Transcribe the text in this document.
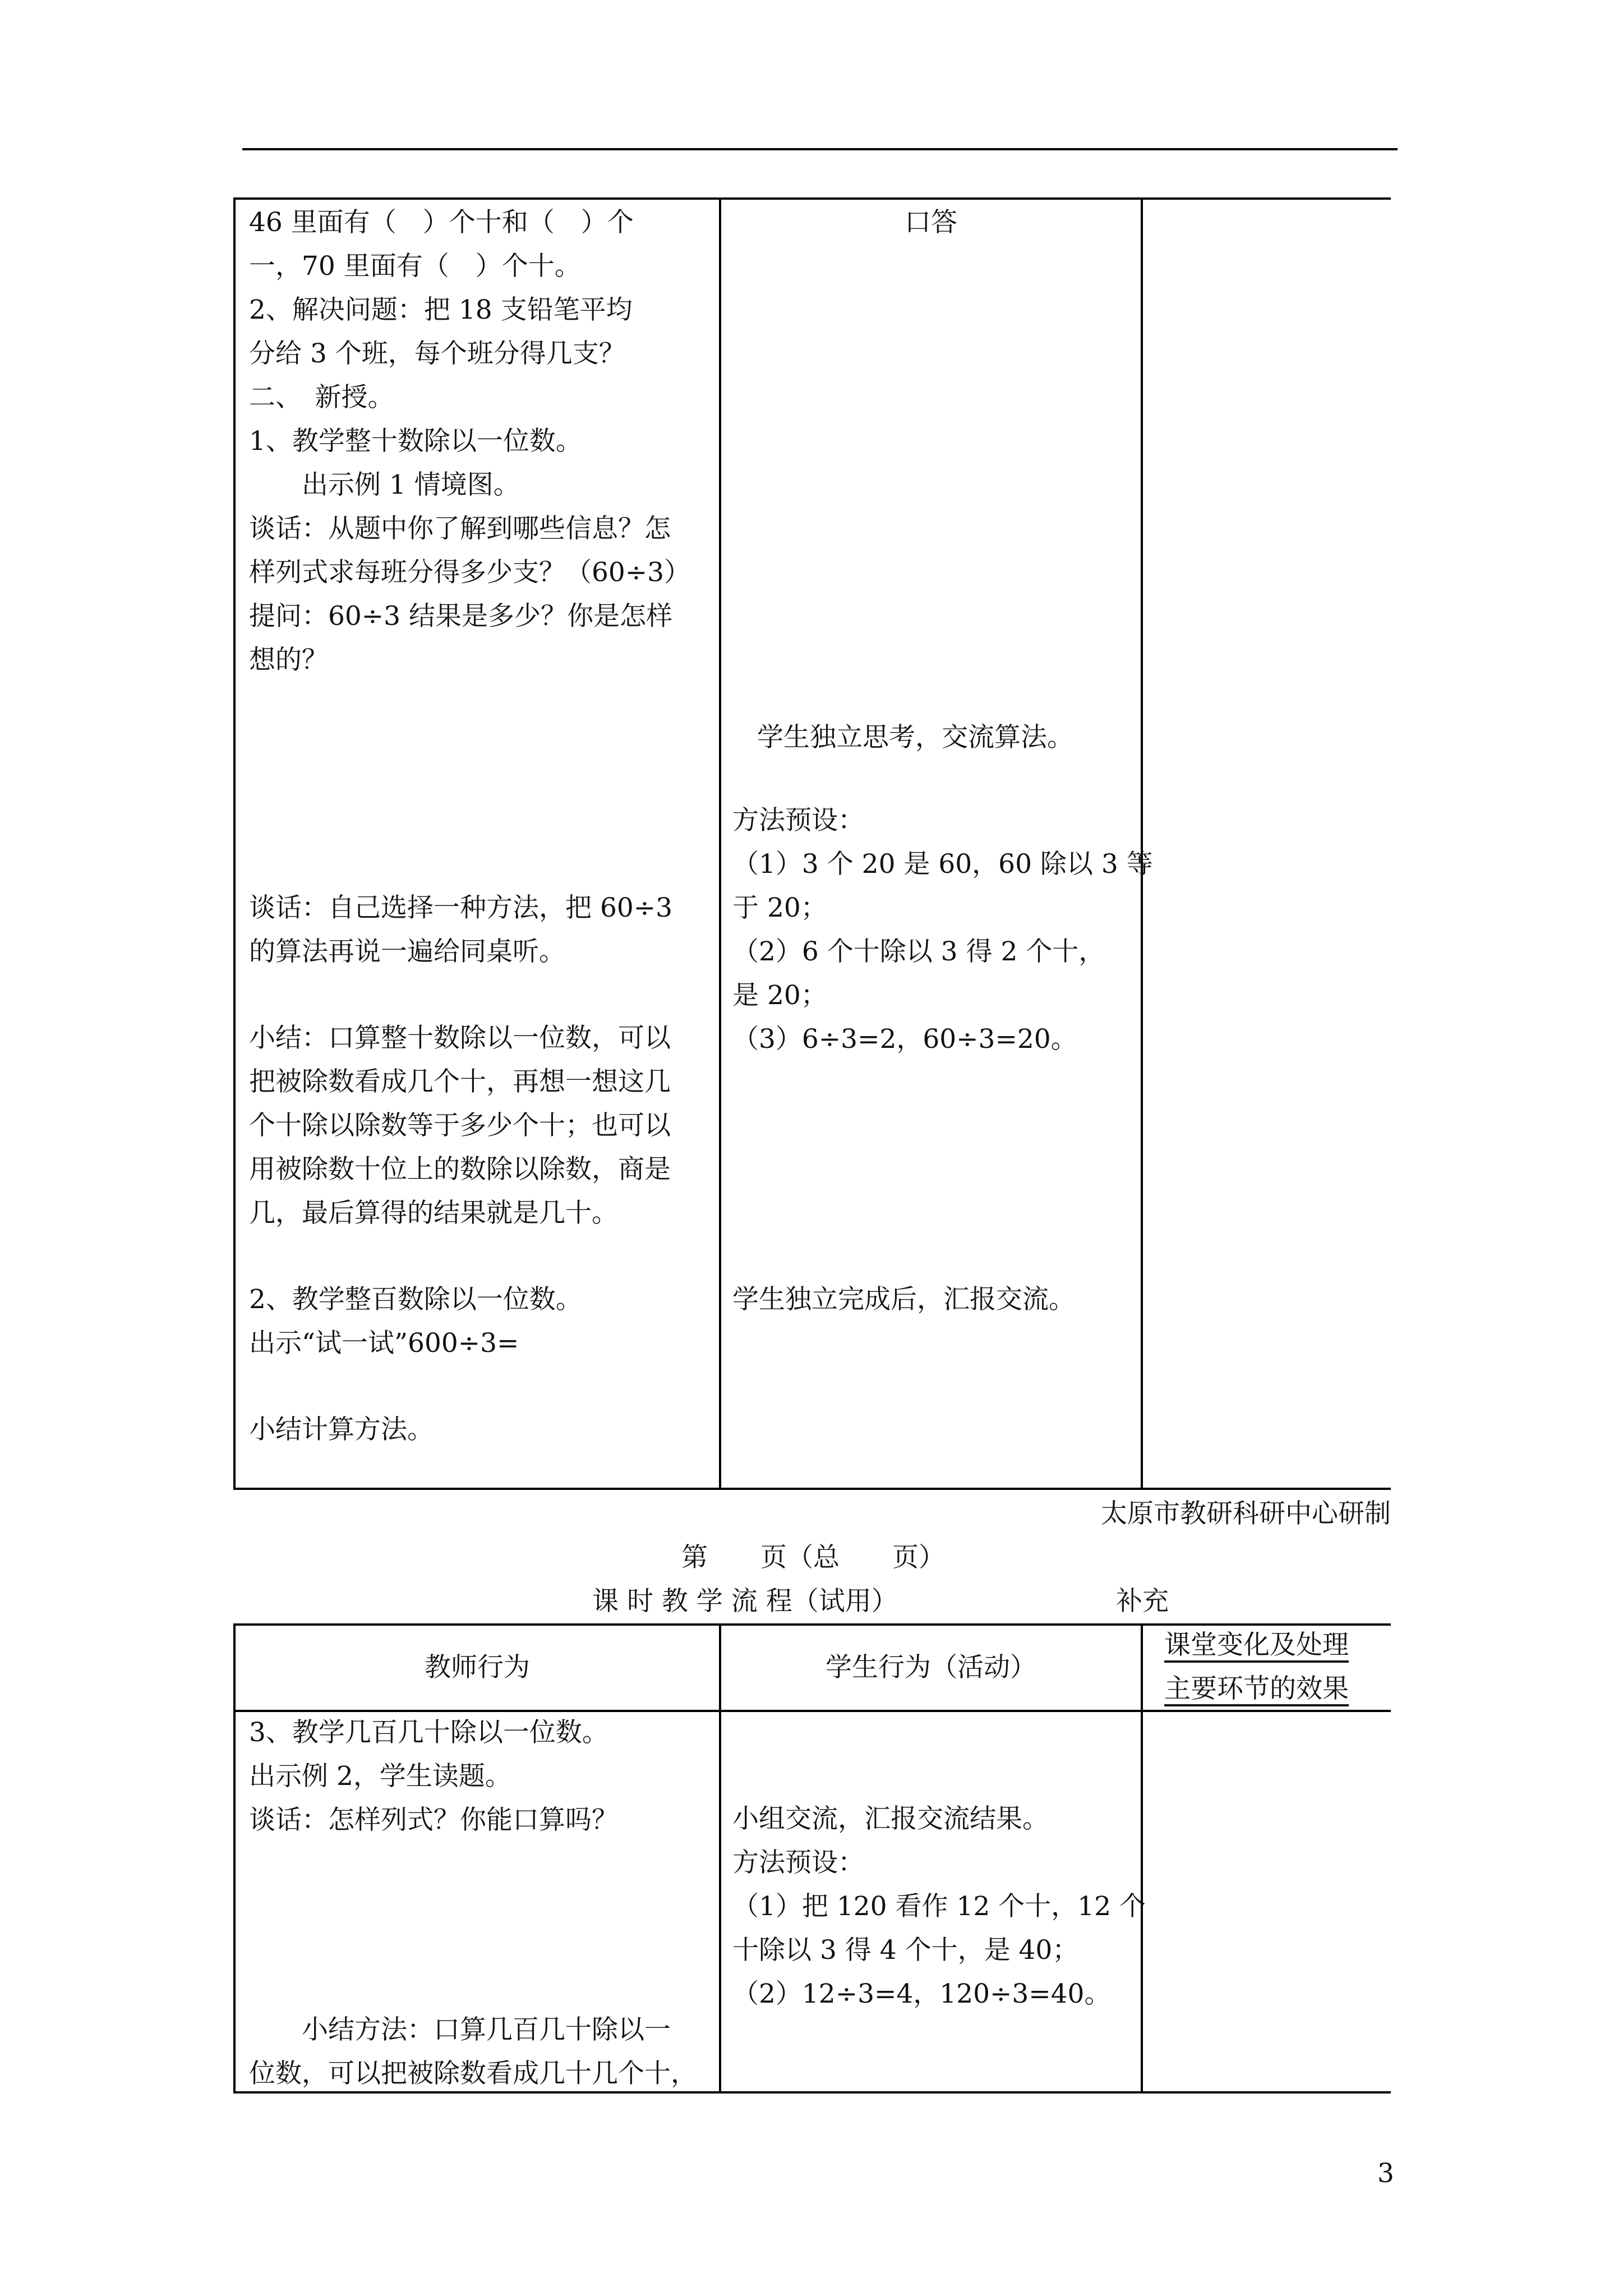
46 里面有（　）个十和（　）个
一，70 里面有（　）个十。
2、解决问题：把 18 支铅笔平均
分给 3 个班，每个班分得几支？
二、　新授。
1、教学整十数除以一位数。
　　出示例 1 情境图。
谈话：从题中你了解到哪些信息？怎
样列式求每班分得多少支？（60÷3）
提问：60÷3 结果是多少？你是怎样
想的？
谈话：自己选择一种方法，把 60÷3
的算法再说一遍给同桌听。
小结：口算整十数除以一位数，可以
把被除数看成几个十，再想一想这几
个十除以除数等于多少个十；也可以
用被除数十位上的数除以除数，商是
几，最后算得的结果就是几十。
2、教学整百数除以一位数。
出示“试一试”600÷3=
小结计算方法。
口答
学生独立思考，交流算法。
方法预设：
（1）3 个 20 是 60，60 除以 3 等
于 20；
（2）6 个十除以 3 得 2 个十，
是 20；
（3）6÷3=2，60÷3=20。
学生独立完成后，汇报交流。
太原市教研科研中心研制
第　　页（总　　页）
课 时 教 学 流 程（试用）	补充
教师行为	学生行为（活动）
课堂变化及处理
主要环节的效果
3、教学几百几十除以一位数。
出示例 2，学生读题。
谈话：怎样列式？你能口算吗？
　　小结方法：口算几百几十除以一
位数，可以把被除数看成几十几个十，
小组交流，汇报交流结果。
方法预设：
（1）把 120 看作 12 个十，12 个
十除以 3 得 4 个十，是 40；
（2）12÷3=4，120÷3=40。
3
